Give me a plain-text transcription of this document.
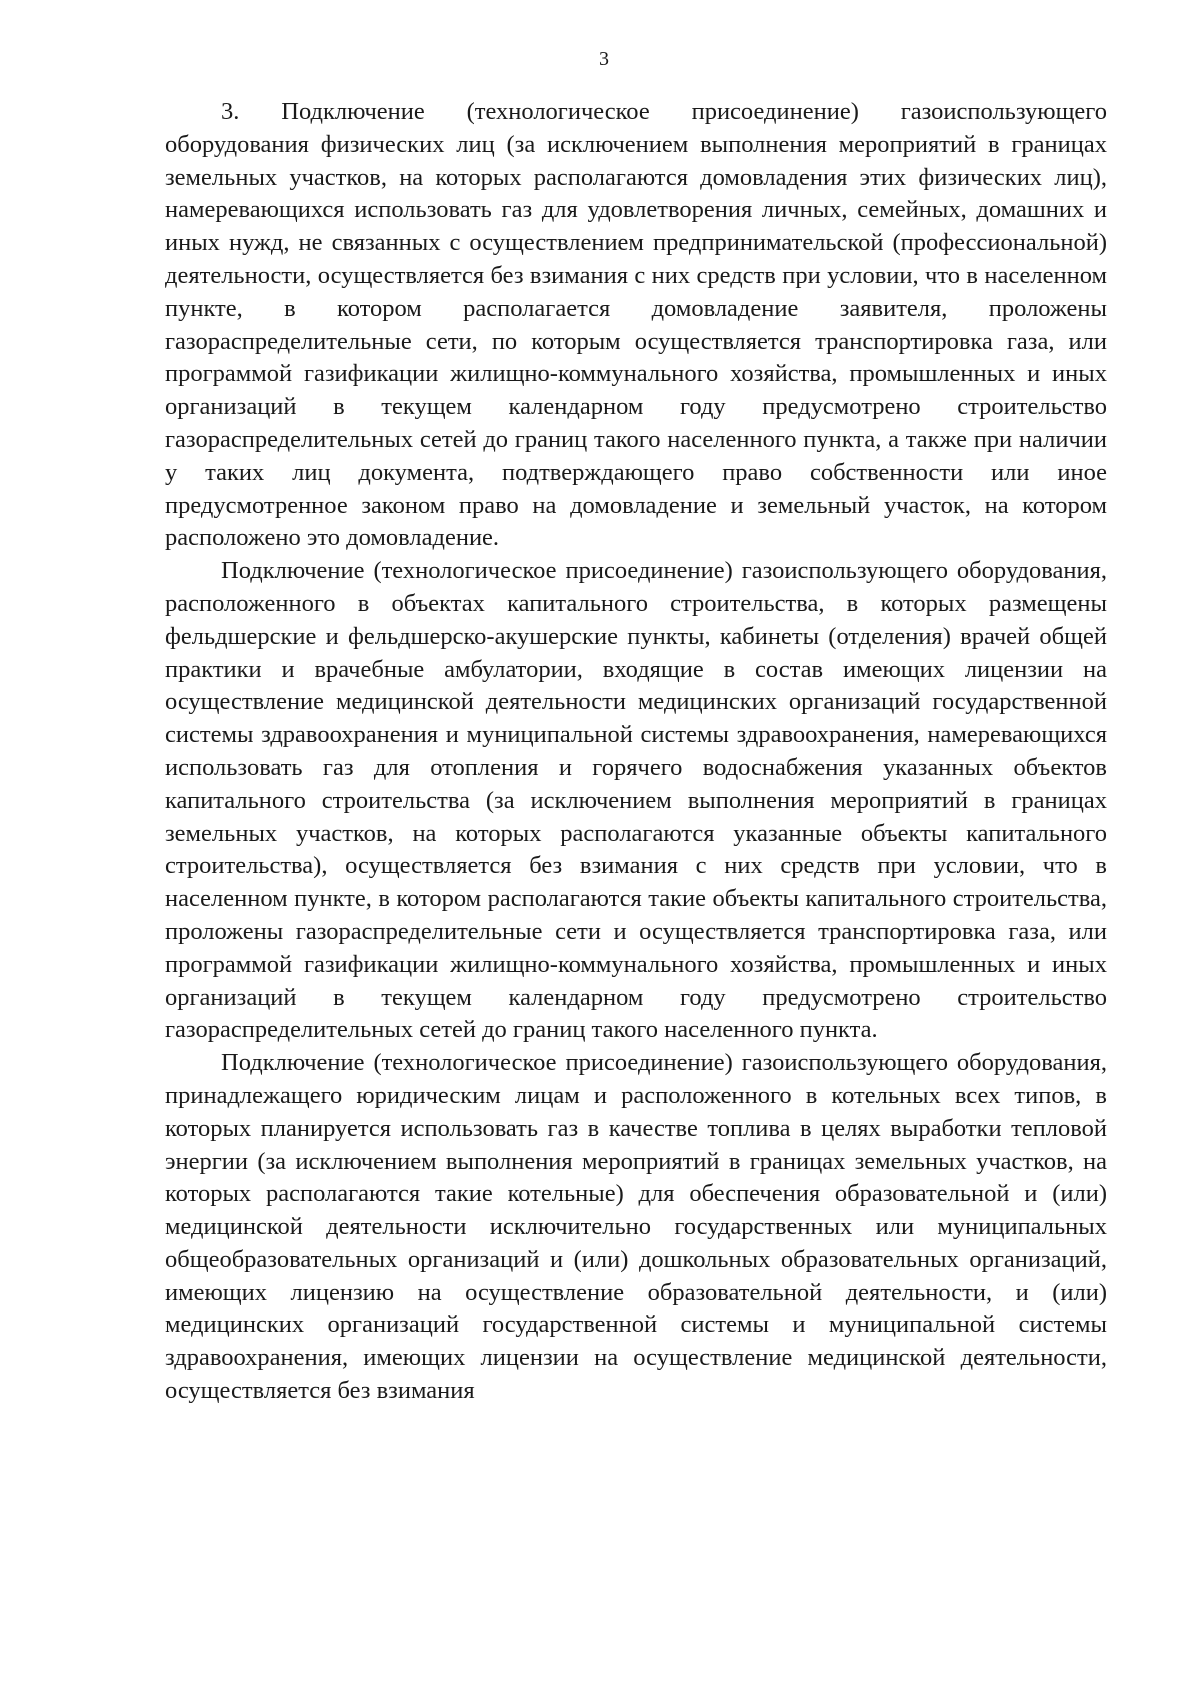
3

3. Подключение (технологическое присоединение) газоиспользующего оборудования физических лиц (за исключением выполнения мероприятий в границах земельных участков, на которых располагаются домовладения этих физических лиц), намеревающихся использовать газ для удовлетворения личных, семейных, домашних и иных нужд, не связанных с осуществлением предпринимательской (профессиональной) деятельности, осуществляется без взимания с них средств при условии, что в населенном пункте, в котором располагается домовладение заявителя, проложены газораспределительные сети, по которым осуществляется транспортировка газа, или программой газификации жилищно-коммунального хозяйства, промышленных и иных организаций в текущем календарном году предусмотрено строительство газораспределительных сетей до границ такого населенного пункта, а также при наличии у таких лиц документа, подтверждающего право собственности или иное предусмотренное законом право на домовладение и земельный участок, на котором расположено это домовладение.

Подключение (технологическое присоединение) газоиспользующего оборудования, расположенного в объектах капитального строительства, в которых размещены фельдшерские и фельдшерско-акушерские пункты, кабинеты (отделения) врачей общей практики и врачебные амбулатории, входящие в состав имеющих лицензии на осуществление медицинской деятельности медицинских организаций государственной системы здравоохранения и муниципальной системы здравоохранения, намеревающихся использовать газ для отопления и горячего водоснабжения указанных объектов капитального строительства (за исключением выполнения мероприятий в границах земельных участков, на которых располагаются указанные объекты капитального строительства), осуществляется без взимания с них средств при условии, что в населенном пункте, в котором располагаются такие объекты капитального строительства, проложены газораспределительные сети и осуществляется транспортировка газа, или программой газификации жилищно-коммунального хозяйства, промышленных и иных организаций в текущем календарном году предусмотрено строительство газораспределительных сетей до границ такого населенного пункта.

Подключение (технологическое присоединение) газоиспользующего оборудования, принадлежащего юридическим лицам и расположенного в котельных всех типов, в которых планируется использовать газ в качестве топлива в целях выработки тепловой энергии (за исключением выполнения мероприятий в границах земельных участков, на которых располагаются такие котельные) для обеспечения образовательной и (или) медицинской деятельности исключительно государственных или муниципальных общеобразовательных организаций и (или) дошкольных образовательных организаций, имеющих лицензию на осуществление образовательной деятельности, и (или) медицинских организаций государственной системы и муниципальной системы здравоохранения, имеющих лицензии на осуществление медицинской деятельности, осуществляется без взимания
